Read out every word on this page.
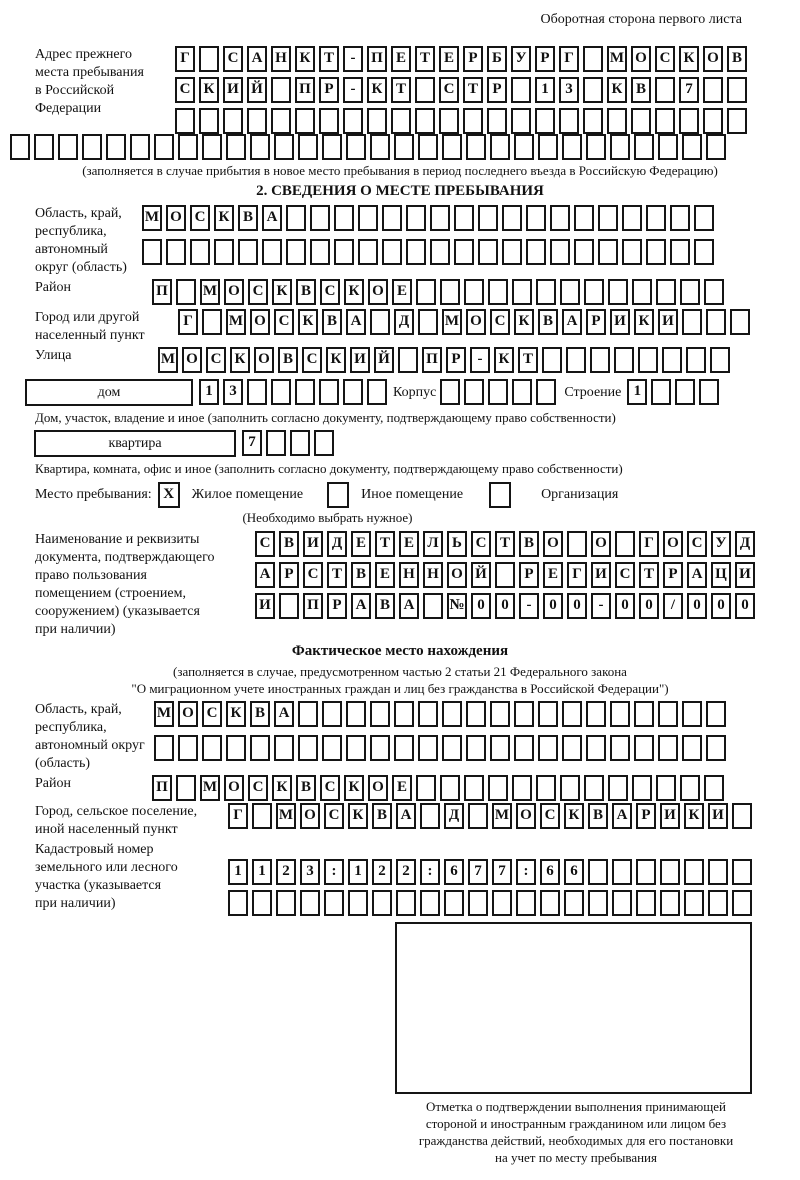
Оборотная сторона первого листа
Адрес прежнего
места пребывания
в Российской
Федерации
Г	С А Н К Т - П Е Т Е Р Б У Р Г М О С К О В
С К И Й П Р - К Т	С Т Р	1 3	К В	7
(заполняется в случае прибытия в новое место пребывания в период последнего въезда в Российскую Федерацию)
2. СВЕДЕНИЯ О МЕСТЕ ПРЕБЫВАНИЯ
Область, край,
республика,
автономный
округ (область)
М О С К В А
Район	П М О С К В С К О Е
Город или другой
населенный пункт
Г М О С К В А Д М О С К В А Р И К И
Улица	М О С К О В С К И Й П Р - К Т
дом	1 3	Корпус	Строение 1
Дом, участок, владение и иное (заполнить согласно документу, подтверждающему право собственности)
квартира	7
Квартира, комната, офис и иное (заполнить согласно документу, подтверждающему право собственности)
Место пребывания: X	Жилое помещение	Иное помещение	Организация
(Необходимо выбрать нужное)
Наименование и реквизиты
документа, подтверждающего
право пользования
помещением (строением,
сооружением) (указывается
при наличии)
С В И Д Е Т Е Л Ь С Т В О О Г О С У Д
А Р С Т В Е Н Н О Й	Р Е Г И С Т Р А Ц И
И П Р А В А № 0 0 - 0 0 - 0 0 / 0 0 0
Фактическое место нахождения
(заполняется в случае, предусмотренном частью 2 статьи 21 Федерального закона
"О миграционном учете иностранных граждан и лиц без гражданства в Российской Федерации")
Область, край,
республика,
автономный округ
(область)
М О С К В А
Район	П М О С К В С К О Е
Город, сельское поселение,
иной населенный пункт
Г М О С К В А Д М О С К В А Р И К И
Кадастровый номер
земельного или лесного
участка (указывается
при наличии)
1 1 2 3 : 1 2 2 : 6 7 7 : 6 6
Отметка о подтверждении выполнения принимающей
стороной и иностранным гражданином или лицом без
гражданства действий, необходимых для его постановки
на учет по месту пребывания
